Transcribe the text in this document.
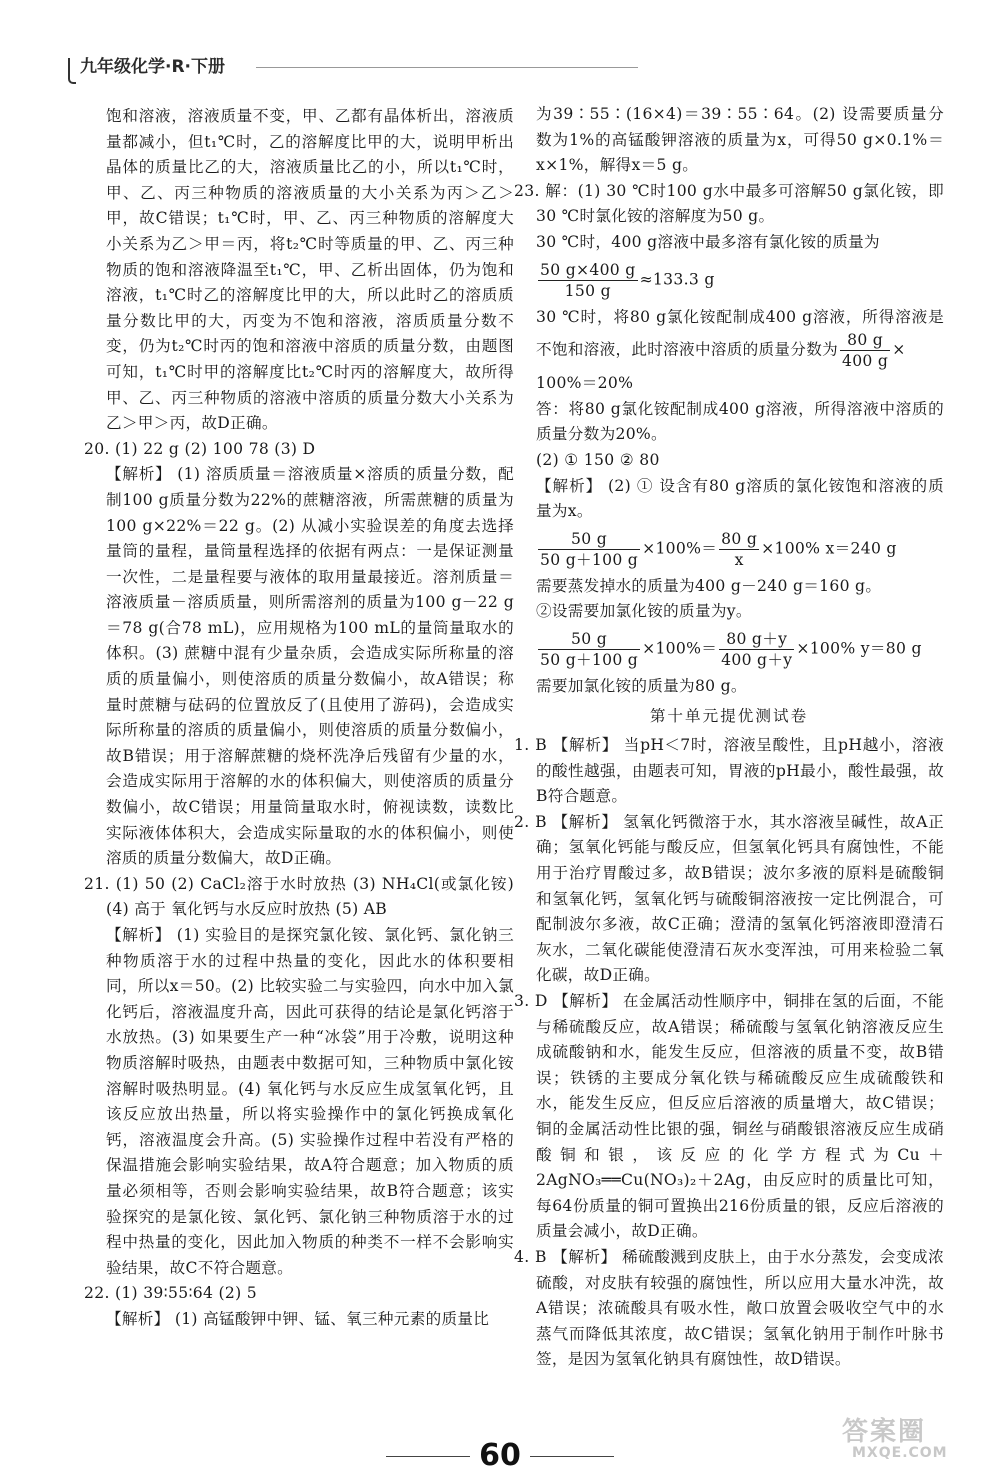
九年级化学·R·下册

饱和溶液，溶液质量不变，甲、乙都有晶体析出，溶液质量都减小，但t₁℃时，乙的溶解度比甲的大，说明甲析出晶体的质量比乙的大，溶液质量比乙的小，所以t₁℃时，甲、乙、丙三种物质的溶液质量的大小关系为丙＞乙＞甲，故C错误；t₁℃时，甲、乙、丙三种物质的溶解度大小关系为乙＞甲＝丙，将t₂℃时等质量的甲、乙、丙三种物质的饱和溶液降温至t₁℃，甲、乙析出固体，仍为饱和溶液，t₁℃时乙的溶解度比甲的大，所以此时乙的溶质质量分数比甲的大，丙变为不饱和溶液，溶质质量分数不变，仍为t₂℃时丙的饱和溶液中溶质的质量分数，由题图可知，t₁℃时甲的溶解度比t₂℃时丙的溶解度大，故所得甲、乙、丙三种物质的溶液中溶质的质量分数大小关系为乙＞甲＞丙，故D正确。

20. (1) 22 g (2) 100 78 (3) D

【解析】 (1) 溶质质量＝溶液质量×溶质的质量分数，配制100 g质量分数为22%的蔗糖溶液，所需蔗糖的质量为100 g×22%＝22 g。(2) 从减小实验误差的角度去选择量筒的量程，量筒量程选择的依据有两点：一是保证测量一次性，二是量程要与液体的取用量最接近。溶剂质量＝溶液质量－溶质质量，则所需溶剂的质量为100 g－22 g＝78 g(合78 mL)，应用规格为100 mL的量筒量取水的体积。(3) 蔗糖中混有少量杂质，会造成实际所称量的溶质的质量偏小，则使溶质的质量分数偏小，故A错误；称量时蔗糖与砝码的位置放反了(且使用了游码)，会造成实际所称量的溶质的质量偏小，则使溶质的质量分数偏小，故B错误；用于溶解蔗糖的烧杯洗净后残留有少量的水，会造成实际用于溶解的水的体积偏大，则使溶质的质量分数偏小，故C错误；用量筒量取水时，俯视读数，读数比实际液体体积大，会造成实际量取的水的体积偏小，则使溶质的质量分数偏大，故D正确。

21. (1) 50 (2) CaCl₂溶于水时放热 (3) NH₄Cl(或氯化铵) (4) 高于 氧化钙与水反应时放热 (5) AB

【解析】 (1) 实验目的是探究氯化铵、氯化钙、氯化钠三种物质溶于水的过程中热量的变化，因此水的体积要相同，所以x＝50。(2) 比较实验二与实验四，向水中加入氯化钙后，溶液温度升高，因此可获得的结论是氯化钙溶于水放热。(3) 如果要生产一种“冰袋”用于冷敷，说明这种物质溶解时吸热，由题表中数据可知，三种物质中氯化铵溶解时吸热明显。(4) 氧化钙与水反应生成氢氧化钙，且该反应放出热量，所以将实验操作中的氯化钙换成氧化钙，溶液温度会升高。(5) 实验操作过程中若没有严格的保温措施会影响实验结果，故A符合题意；加入物质的质量必须相等，否则会影响实验结果，故B符合题意；该实验探究的是氯化铵、氯化钙、氯化钠三种物质溶于水的过程中热量的变化，因此加入物质的种类不一样不会影响实验结果，故C不符合题意。

22. (1) 39∶55∶64 (2) 5

【解析】 (1) 高锰酸钾中钾、锰、氧三种元素的质量比

为39∶55∶(16×4)＝39∶55∶64。(2) 设需要质量分数为1%的高锰酸钾溶液的质量为x，可得50 g×0.1%＝x×1%，解得x＝5 g。

23. 解：(1) 30 ℃时100 g水中最多可溶解50 g氯化铵，即30 ℃时氯化铵的溶解度为50 g。

30 ℃时，400 g溶液中最多溶有氯化铵的质量为

$\frac{50 g\times 400 g}{150 g} \approx 133.3$ g
30 ℃时，将80 g氯化铵配制成400 g溶液，所得溶液是不饱和溶液，此时溶液中溶质的质量分数为 $\frac{80 g}{400 g}$ ×

100%＝20%

答：将80 g氯化铵配制成400 g溶液，所得溶液中溶质的质量分数为20%。

(2) ① 150 ② 80

【解析】 (2) ① 设含有80 g溶质的氯化铵饱和溶液的质量为x。

$\frac{50 g}{50 g+100 g} \times 100\%= \frac{80 g}{x} \times 100\%$ x＝240 g

需要蒸发掉水的质量为400 g－240 g＝160 g。

②设需要加氯化铵的质量为y。

$\frac{50 g}{50 g+100 g} \times 100\%= \frac{80 g+y}{400 g+y} \times 100\%$ y＝80 g

需要加氯化铵的质量为80 g。

第十单元提优测试卷

1. B 【解析】 当pH＜7时，溶液呈酸性，且pH越小，溶液的酸性越强，由题表可知，胃液的pH最小，酸性最强，故B符合题意。

2. B 【解析】 氢氧化钙微溶于水，其水溶液呈碱性，故A正确；氢氧化钙能与酸反应，但氢氧化钙具有腐蚀性，不能用于治疗胃酸过多，故B错误；波尔多液的原料是硫酸铜和氢氧化钙，氢氧化钙与硫酸铜溶液按一定比例混合，可配制波尔多液，故C正确；澄清的氢氧化钙溶液即澄清石灰水，二氧化碳能使澄清石灰水变浑浊，可用来检验二氧化碳，故D正确。

3. D 【解析】 在金属活动性顺序中，铜排在氢的后面，不能与稀硫酸反应，故A错误；稀硫酸与氢氧化钠溶液反应生成硫酸钠和水，能发生反应，但溶液的质量不变，故B错误；铁锈的主要成分氧化铁与稀硫酸反应生成硫酸铁和水，能发生反应，但反应后溶液的质量增大，故C错误；铜的金属活动性比银的强，铜丝与硝酸银溶液反应生成硝酸铜和银，该反应的化学方程式为Cu＋2AgNO₃══Cu(NO₃)₂＋2Ag，由反应时的质量比可知，每64份质量的铜可置换出216份质量的银，反应后溶液的质量会减小，故D正确。

4. B 【解析】 稀硫酸溅到皮肤上，由于水分蒸发，会变成浓硫酸，对皮肤有较强的腐蚀性，所以应用大量水冲洗，故A错误；浓硫酸具有吸水性，敞口放置会吸收空气中的水蒸气而降低其浓度，故C错误；氢氧化钠用于制作叶脉书签，是因为氢氧化钠具有腐蚀性，故D错误。

60
答案圈
MXQE.COM
